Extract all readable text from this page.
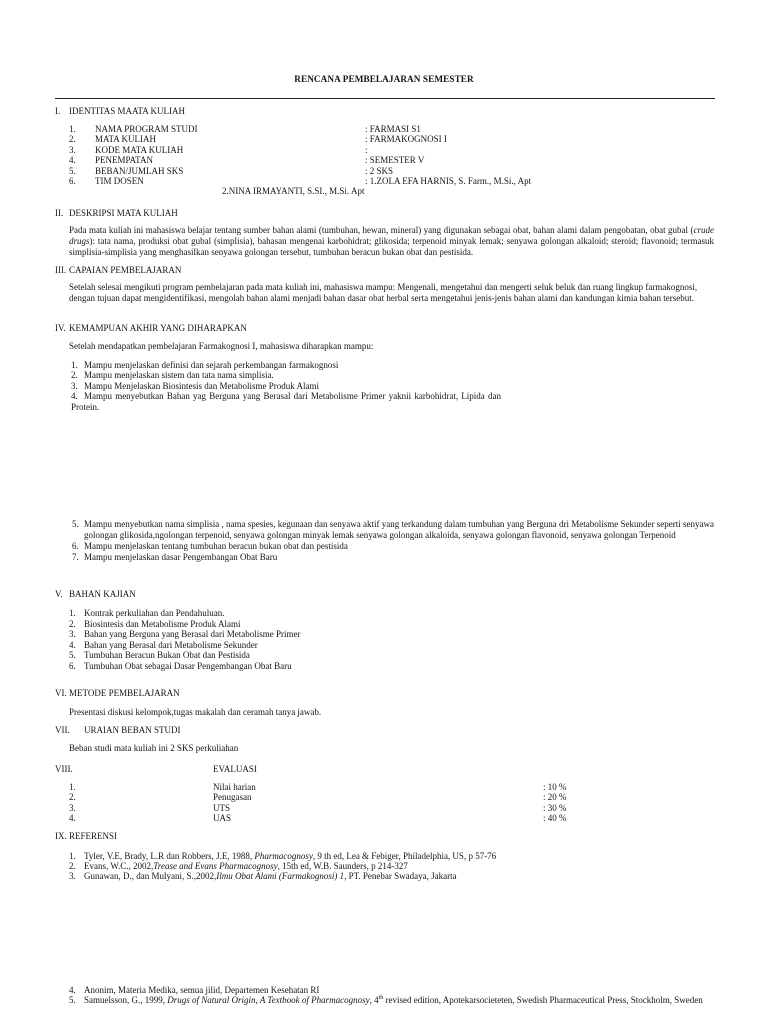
RENCANA PEMBELAJARAN SEMESTER
I. IDENTITAS MAATA KULIAH
1. NAMA PROGRAM STUDI	: FARMASI S1
2. MATA KULIAH	: FARMAKOGNOSI I
3. KODE MATA KULIAH	:
4. PENEMPATAN	: SEMESTER V
5. BEBAN/JUMLAH SKS	: 2 SKS
6. TIM DOSEN	: 1.ZOLA EFA HARNIS, S. Farm., M.Si., Apt
2.NINA IRMAYANTI, S.SI., M.Si. Apt
II. DESKRIPSI MATA KULIAH

Pada mata kuliah ini mahasiswa belajar tentang sumber bahan alami (tumbuhan, hewan, mineral) yang digunakan sebagai obat, bahan alami dalam pengobatan, obat gubal (crude drugs): tata nama, produksi obat gubal (simplisia), bahasan mengenai karbohidrat; glikosida; terpenoid minyak lemak; senyawa golongan alkaloid; steroid; flavonoid; termasuk simplisia-simplisia yang menghasilkan senyawa golongan tersebut, tumbuhan beracun bukan obat dan pestisida.

III. CAPAIAN PEMBELAJARAN

Setelah selesai mengikuti program pembelajaran pada mata kuliah ini, mahasiswa mampu: Mengenali, mengetahui dan mengerti seluk beluk dan ruang lingkup farmakognosi, dengan tujuan dapat mengidentifikasi, mengolah bahan alami menjadi bahan dasar obat herbal serta mengetahui jenis-jenis bahan alami dan kandungan kimia bahan tersebut.

IV. KEMAMPUAN AKHIR YANG DIHARAPKAN
Setelah mendapatkan pembelajaran Farmakognosi I, mahasiswa diharapkan mampu:
1. Mampu menjelaskan definisi dan sejarah perkembangan farmakognosi
2. Mampu menjelaskan sistem dan tata nama simplisia.
3. Mampu Menjelaskan Biosintesis dan Metabolisme Produk Alami
4. Mampu menyebutkan Bahan yag Berguna yang Berasal dari Metabolisme Primer yaknii karbohidrat, Lipida dan Protein.
5. Mampu menyebutkan nama simplisia , nama spesies, kegunaan dan senyawa aktif yang terkandung dalam tumbuhan yang Berguna dri Metabolisme Sekunder seperti senyawa golongan glikosida,ngolongan terpenoid, senyawa golongan minyak lemak senyawa golongan alkaloida, senyawa golongan flavonoid, senyawa golongan Terpenoid
6. Mampu menjelaskan tentang tumbuhan beracun bukan obat dan pestisida
7. Mampu menjelaskan dasar Pengembangan Obat Baru
V. BAHAN KAJIAN
1. Kontrak perkuliahan dan Pendahuluan.
2. Biosintesis dan Metabolisme Produk Alami
3. Bahan yang Berguna yang Berasal dari Metabolisme Primer
4. Bahan yang Berasal dari Metabolisme Sekunder
5. Tumbuhan Beracun Bukan Obat dan Pestisida
6. Tumbuhan Obat sebagai Dasar Pengembangan Obat Baru
VI. METODE PEMBELAJARAN
Presentasi diskusi kelompok,tugas makalah dan ceramah tanya jawab.
VII. URAIAN BEBAN STUDI
Beban studi mata kuliah ini 2 SKS perkuliahan
VIII.	EVALUASI
1.	Nilai harian	: 10 %
2.	Penugasan	: 20 %
3.	UTS	: 30 %
4.	UAS	: 40 %
IX. REFERENSI
1. Tyler, V.E, Brady, L.R dan Robbers, J.E, 1988, Pharmacognosy, 9 th ed, Lea & Febiger, Philadelphia, US, p 57-76
2. Evans, W.C., 2002,Trease and Evans Pharmacognosy, 15th ed, W.B. Saunders, p 214-327
3. Gunawan, D., dan Mulyani, S.,2002,Ilmu Obat Alami (Farmakognosi) 1, PT. Penebar Swadaya, Jakarta
4. Anonim, Materia Medika, semua jilid, Departemen Kesehatan RI
5. Samuelsson, G., 1999, Drugs of Natural Origin, A Textbook of Pharmacognosy, 4th revised edition, Apotekarsocieteten, Swedish Pharmaceutical Press, Stockholm, Sweden
